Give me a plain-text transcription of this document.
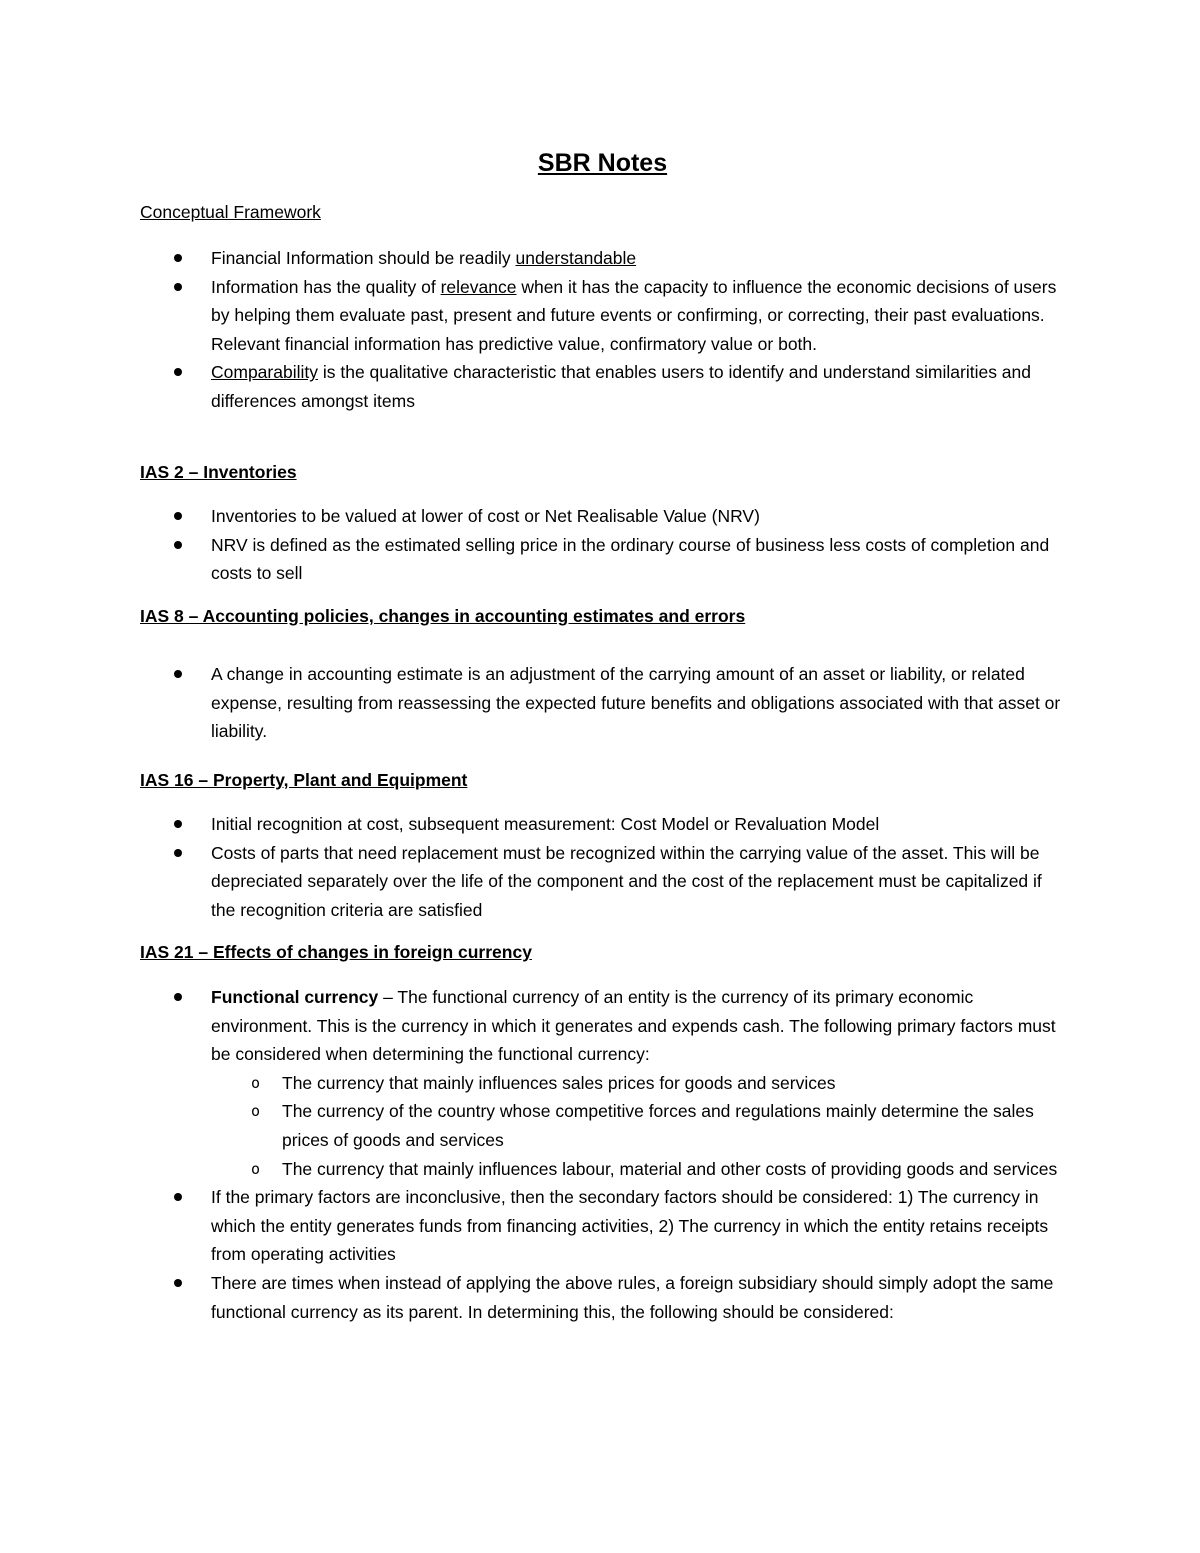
SBR Notes
Conceptual Framework
Financial Information should be readily understandable
Information has the quality of relevance when it has the capacity to influence the economic decisions of users by helping them evaluate past, present and future events or confirming, or correcting, their past evaluations. Relevant financial information has predictive value, confirmatory value or both.
Comparability is the qualitative characteristic that enables users to identify and understand similarities and differences amongst items
IAS 2 – Inventories
Inventories to be valued at lower of cost or Net Realisable Value (NRV)
NRV is defined as the estimated selling price in the ordinary course of business less costs of completion and costs to sell
IAS 8 – Accounting policies, changes in accounting estimates and errors
A change in accounting estimate is an adjustment of the carrying amount of an asset or liability, or related expense, resulting from reassessing the expected future benefits and obligations associated with that asset or liability.
IAS 16 – Property, Plant and Equipment
Initial recognition at cost, subsequent measurement: Cost Model or Revaluation Model
Costs of parts that need replacement must be recognized within the carrying value of the asset. This will be depreciated separately over the life of the component and the cost of the replacement must be capitalized if the recognition criteria are satisfied
IAS 21 – Effects of changes in foreign currency
Functional currency – The functional currency of an entity is the currency of its primary economic environment. This is the currency in which it generates and expends cash. The following primary factors must be considered when determining the functional currency:
o The currency that mainly influences sales prices for goods and services
o The currency of the country whose competitive forces and regulations mainly determine the sales prices of goods and services
o The currency that mainly influences labour, material and other costs of providing goods and services
If the primary factors are inconclusive, then the secondary factors should be considered: 1) The currency in which the entity generates funds from financing activities, 2) The currency in which the entity retains receipts from operating activities
There are times when instead of applying the above rules, a foreign subsidiary should simply adopt the same functional currency as its parent. In determining this, the following should be considered:
